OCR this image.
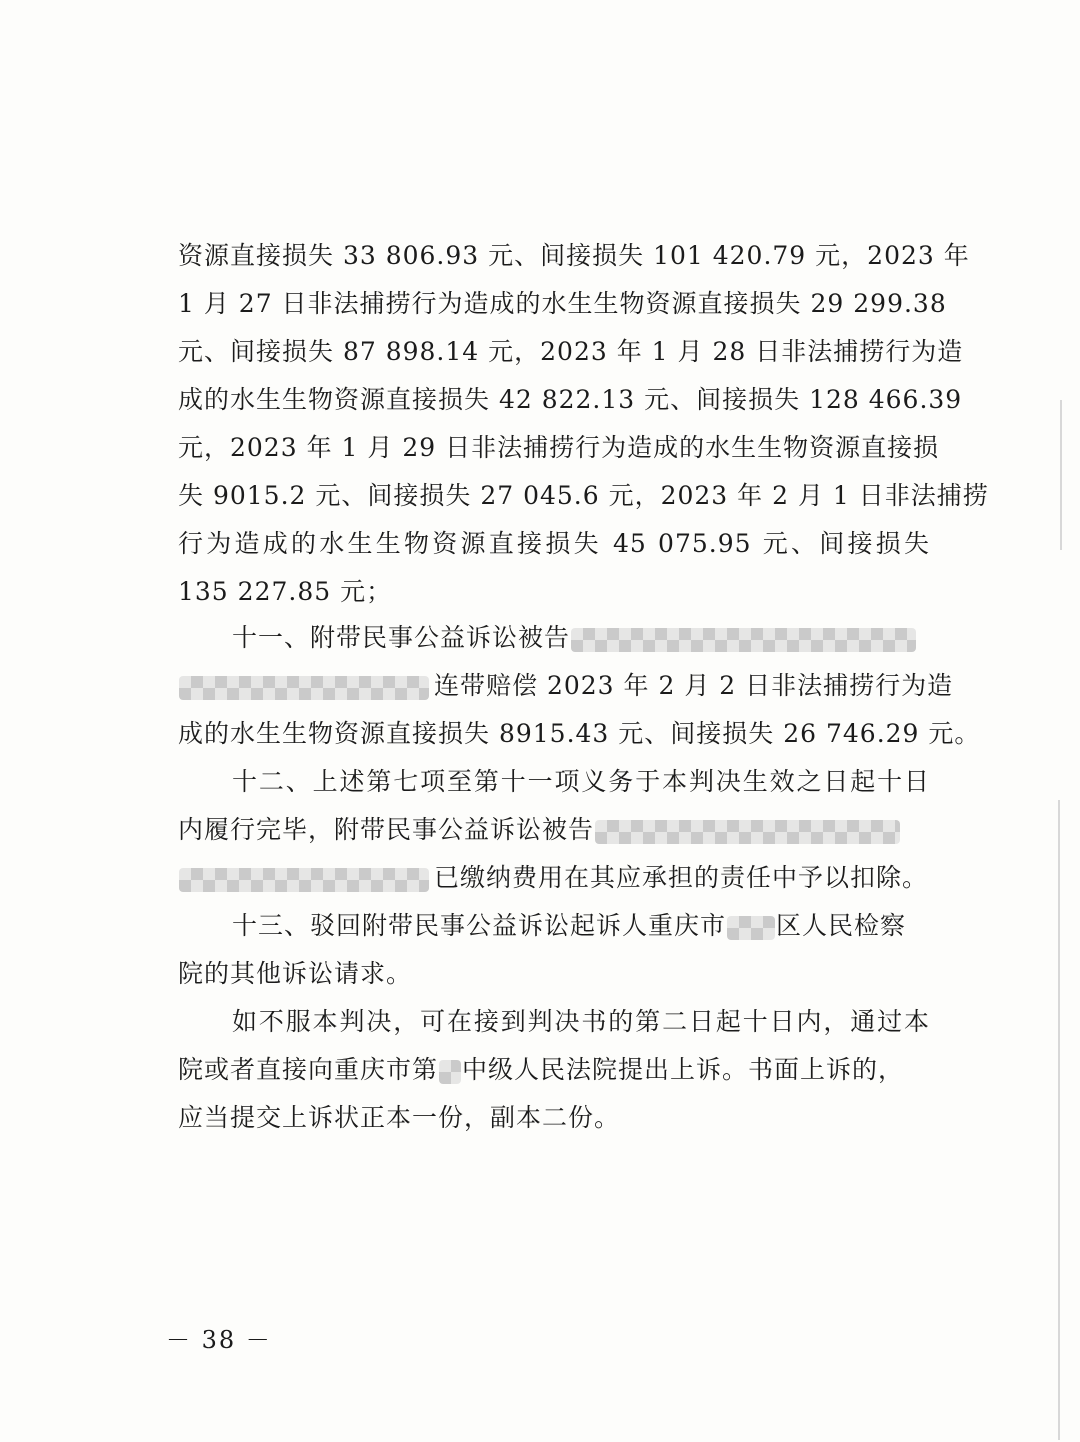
资源直接损失 33 806.93 元、间接损失 101 420.79 元，2023 年
1 月 27 日非法捕捞行为造成的水生生物资源直接损失 29 299.38
元、间接损失 87 898.14 元，2023 年 1 月 28 日非法捕捞行为造
成的水生生物资源直接损失 42 822.13 元、间接损失 128 466.39
元，2023 年 1 月 29 日非法捕捞行为造成的水生生物资源直接损
失 9015.2 元、间接损失 27 045.6 元，2023 年 2 月 1 日非法捕捞
行为造成的水生生物资源直接损失 45 075.95 元、间接损失
135 227.85 元；
十一、附带民事公益诉讼被告
连带赔偿 2023 年 2 月 2 日非法捕捞行为造
成的水生生物资源直接损失 8915.43 元、间接损失 26 746.29 元。
十二、上述第七项至第十一项义务于本判决生效之日起十日
内履行完毕，附带民事公益诉讼被告
已缴纳费用在其应承担的责任中予以扣除。
十三、驳回附带民事公益诉讼起诉人重庆市 区人民检察
院的其他诉讼请求。
如不服本判决，可在接到判决书的第二日起十日内，通过本
院或者直接向重庆市第 中级人民法院提出上诉。书面上诉的，
应当提交上诉状正本一份，副本二份。
－ 38 －
